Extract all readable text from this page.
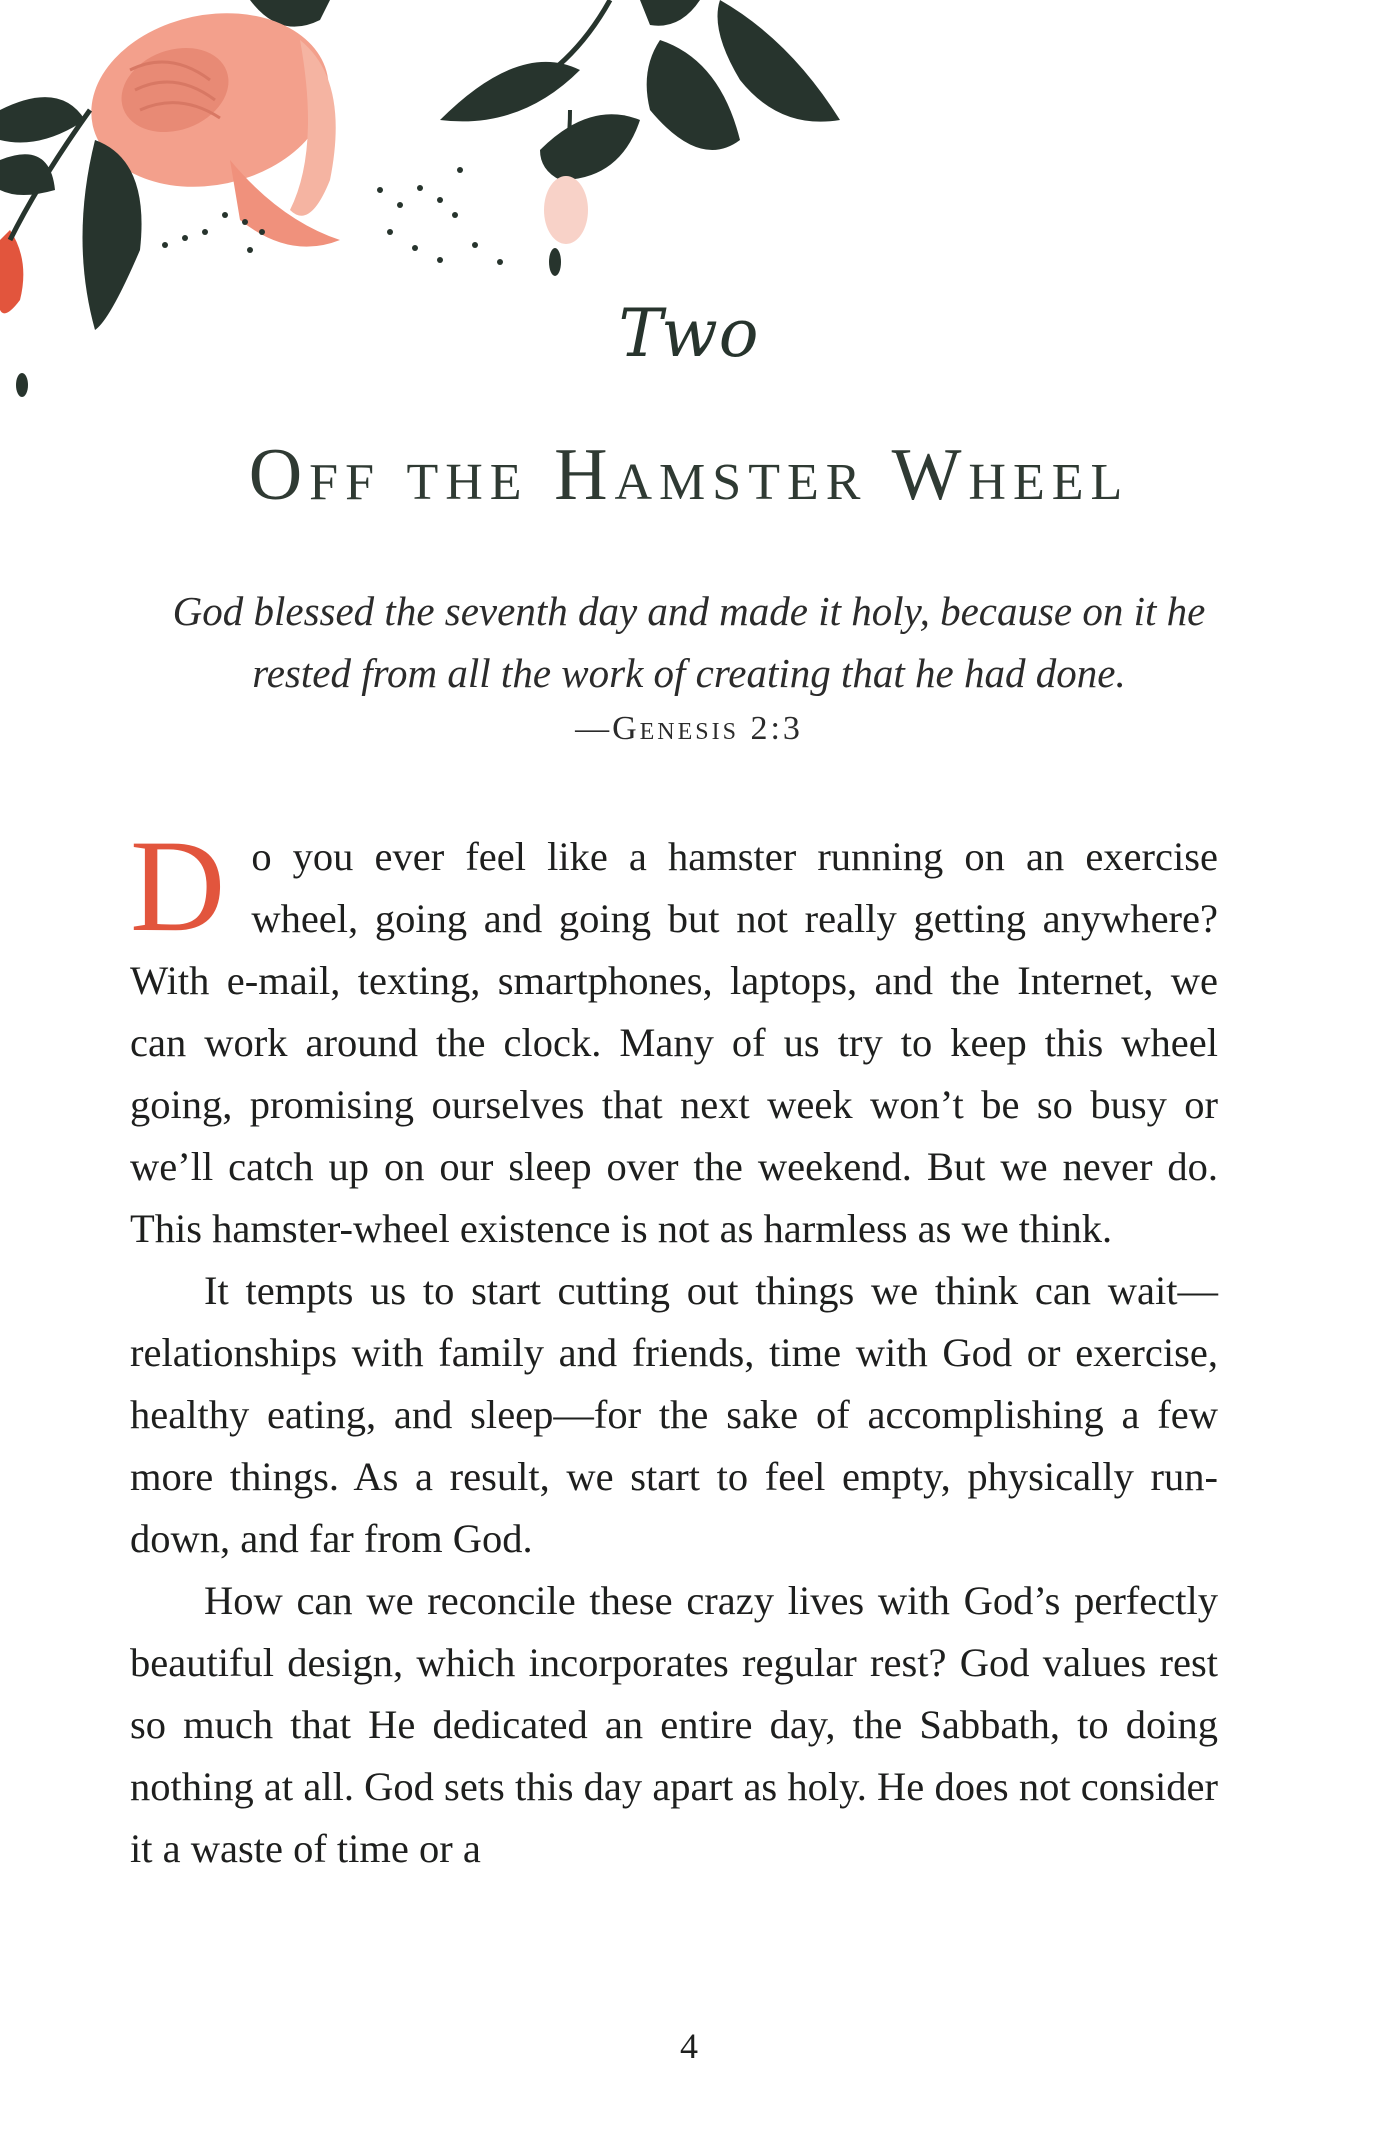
Two
Off the Hamster Wheel
God blessed the seventh day and made it holy, because on it he rested from all the work of creating that he had done.
—Genesis 2:3

Do you ever feel like a hamster running on an exercise wheel, going and going but not really getting anywhere? With e-mail, texting, smartphones, laptops, and the Internet, we can work around the clock. Many of us try to keep this wheel going, promising ourselves that next week won’t be so busy or we’ll catch up on our sleep over the weekend. But we never do. This hamster-wheel existence is not as harmless as we think.

It tempts us to start cutting out things we think can wait—relationships with family and friends, time with God or exercise, healthy eating, and sleep—for the sake of accomplishing a few more things. As a result, we start to feel empty, physically run-down, and far from God.

How can we reconcile these crazy lives with God’s perfectly beautiful design, which incorporates regular rest? God values rest so much that He dedicated an entire day, the Sabbath, to doing nothing at all. God sets this day apart as holy. He does not consider it a waste of time or a

4
